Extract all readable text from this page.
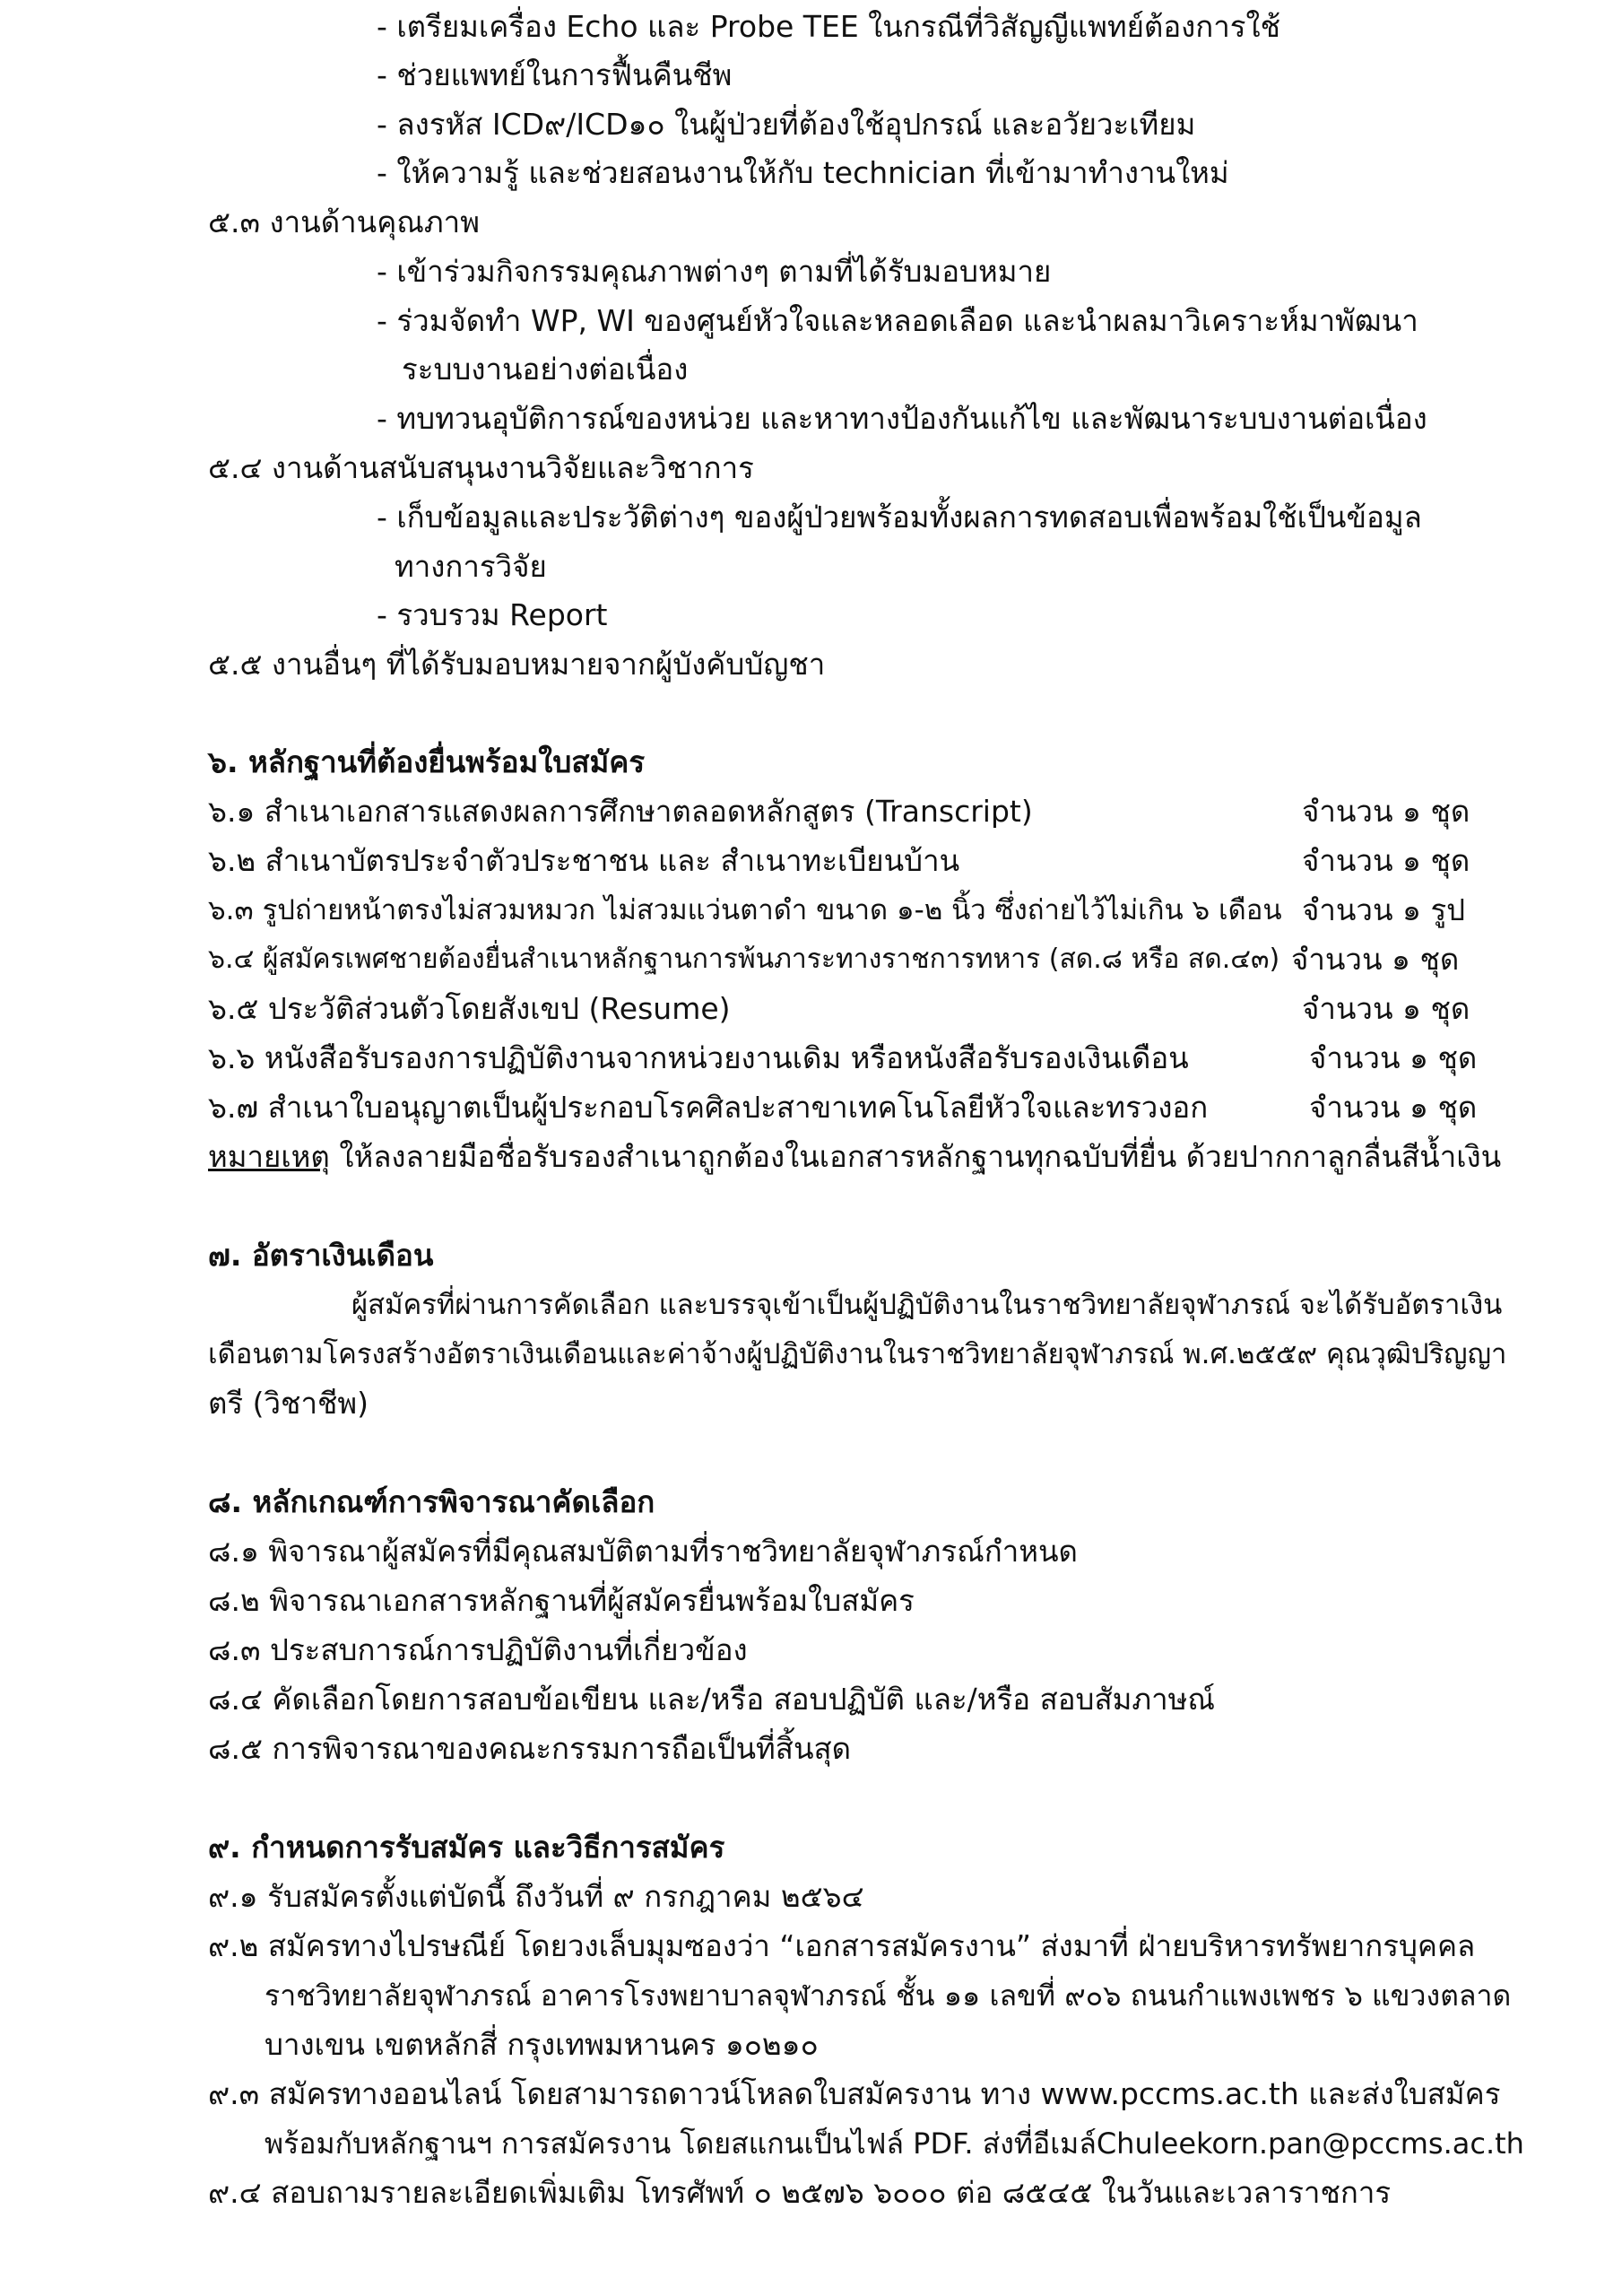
- เตรียมเครื่อง Echo และ Probe TEE ในกรณีที่วิสัญญีแพทย์ต้องการใช้
- ช่วยแพทย์ในการฟื้นคืนชีพ
- ลงรหัส ICD๙/ICD๑๐ ในผู้ป่วยที่ต้องใช้อุปกรณ์ และอวัยวะเทียม
- ให้ความรู้ และช่วยสอนงานให้กับ technician ที่เข้ามาทำงานใหม่
๕.๓ งานด้านคุณภาพ
- เข้าร่วมกิจกรรมคุณภาพต่างๆ ตามที่ได้รับมอบหมาย
- ร่วมจัดทำ WP, WI ของศูนย์หัวใจและหลอดเลือด และนำผลมาวิเคราะห์มาพัฒนา
ระบบงานอย่างต่อเนื่อง
- ทบทวนอุบัติการณ์ของหน่วย และหาทางป้องกันแก้ไข และพัฒนาระบบงานต่อเนื่อง
๕.๔ งานด้านสนับสนุนงานวิจัยและวิชาการ
- เก็บข้อมูลและประวัติต่างๆ ของผู้ป่วยพร้อมทั้งผลการทดสอบเพื่อพร้อมใช้เป็นข้อมูล
ทางการวิจัย
- รวบรวม Report
๕.๕ งานอื่นๆ ที่ได้รับมอบหมายจากผู้บังคับบัญชา
๖. หลักฐานที่ต้องยื่นพร้อมใบสมัคร
๖.๑ สำเนาเอกสารแสดงผลการศึกษาตลอดหลักสูตร (Transcript)	จำนวน ๑ ชุด
๖.๒ สำเนาบัตรประจำตัวประชาชน และ สำเนาทะเบียนบ้าน	จำนวน ๑ ชุด
๖.๓ รูปถ่ายหน้าตรงไม่สวมหมวก ไม่สวมแว่นตาดำ ขนาด ๑-๒ นิ้ว ซึ่งถ่ายไว้ไม่เกิน ๖ เดือน จำนวน ๑ รูป
๖.๔ ผู้สมัครเพศชายต้องยื่นสำเนาหลักฐานการพ้นภาระทางราชการทหาร (สด.๘ หรือ สด.๔๓) จำนวน ๑ ชุด
๖.๕ ประวัติส่วนตัวโดยสังเขป (Resume)	จำนวน ๑ ชุด
๖.๖ หนังสือรับรองการปฏิบัติงานจากหน่วยงานเดิม หรือหนังสือรับรองเงินเดือน	จำนวน ๑ ชุด
๖.๗ สำเนาใบอนุญาตเป็นผู้ประกอบโรคศิลปะสาขาเทคโนโลยีหัวใจและทรวงอก	จำนวน ๑ ชุด
หมายเหตุ ให้ลงลายมือชื่อรับรองสำเนาถูกต้องในเอกสารหลักฐานทุกฉบับที่ยื่น ด้วยปากกาลูกลื่นสีน้ำเงิน
๗. อัตราเงินเดือน
ผู้สมัครที่ผ่านการคัดเลือก และบรรจุเข้าเป็นผู้ปฏิบัติงานในราชวิทยาลัยจุฬาภรณ์ จะได้รับอัตราเงิน
เดือนตามโครงสร้างอัตราเงินเดือนและค่าจ้างผู้ปฏิบัติงานในราชวิทยาลัยจุฬาภรณ์ พ.ศ.๒๕๕๙ คุณวุฒิปริญญา
ตรี (วิชาชีพ)
๘. หลักเกณฑ์การพิจารณาคัดเลือก
๘.๑ พิจารณาผู้สมัครที่มีคุณสมบัติตามที่ราชวิทยาลัยจุฬาภรณ์กำหนด
๘.๒ พิจารณาเอกสารหลักฐานที่ผู้สมัครยื่นพร้อมใบสมัคร
๘.๓ ประสบการณ์การปฏิบัติงานที่เกี่ยวข้อง
๘.๔ คัดเลือกโดยการสอบข้อเขียน และ/หรือ สอบปฏิบัติ และ/หรือ สอบสัมภาษณ์
๘.๕ การพิจารณาของคณะกรรมการถือเป็นที่สิ้นสุด
๙. กำหนดการรับสมัคร และวิธีการสมัคร
๙.๑ รับสมัครตั้งแต่บัดนี้ ถึงวันที่ ๙ กรกฎาคม ๒๕๖๔
๙.๒ สมัครทางไปรษณีย์ โดยวงเล็บมุมซองว่า “เอกสารสมัครงาน” ส่งมาที่ ฝ่ายบริหารทรัพยากรบุคคล
ราชวิทยาลัยจุฬาภรณ์ อาคารโรงพยาบาลจุฬาภรณ์ ชั้น ๑๑ เลขที่ ๙๐๖ ถนนกำแพงเพชร ๖ แขวงตลาด
บางเขน เขตหลักสี่ กรุงเทพมหานคร ๑๐๒๑๐
๙.๓ สมัครทางออนไลน์ โดยสามารถดาวน์โหลดใบสมัครงาน ทาง www.pccms.ac.th และส่งใบสมัคร
พร้อมกับหลักฐานฯ การสมัครงาน โดยสแกนเป็นไฟล์ PDF. ส่งที่อีเมล์Chuleekorn.pan@pccms.ac.th
๙.๔ สอบถามรายละเอียดเพิ่มเติม โทรศัพท์ ๐ ๒๕๗๖ ๖๐๐๐ ต่อ ๘๕๔๕ ในวันและเวลาราชการ
